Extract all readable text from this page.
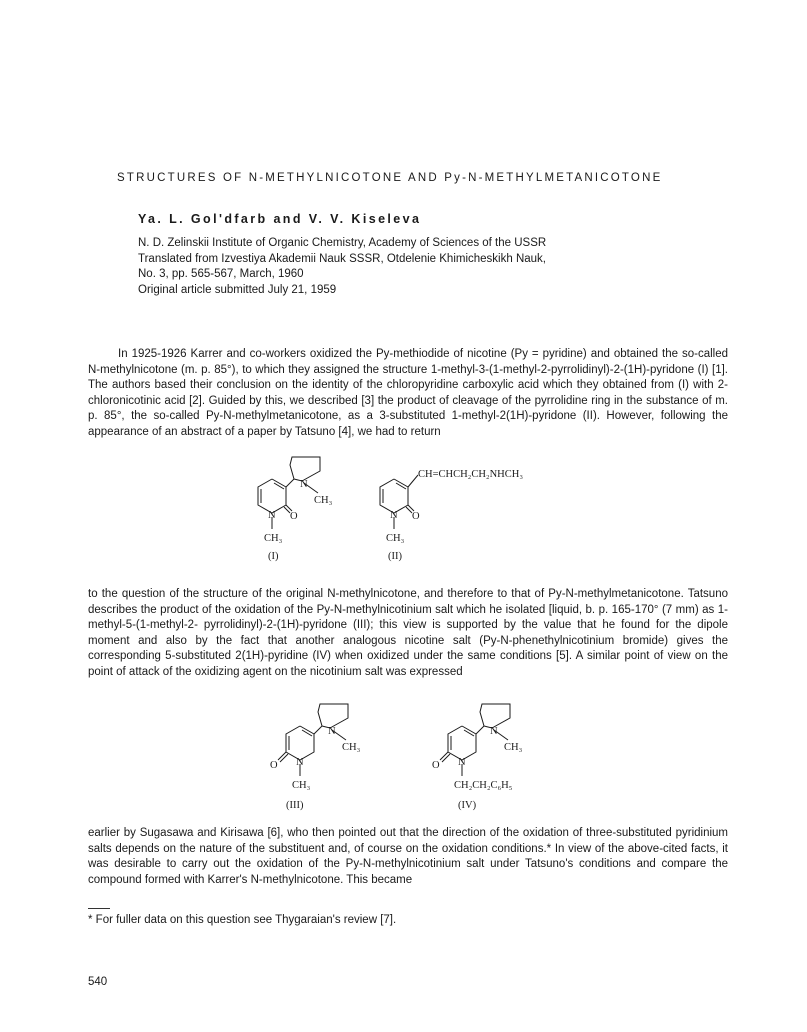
STRUCTURES OF N-METHYLNICOTONE AND Py-N-METHYLMETANICOTONE
Ya. L. Gol'dfarb and V. V. Kiseleva
N. D. Zelinskii Institute of Organic Chemistry, Academy of Sciences of the USSR
Translated from Izvestiya Akademii Nauk SSSR, Otdelenie Khimicheskikh Nauk,
No. 3, pp. 565-567, March, 1960
Original article submitted July 21, 1959
In 1925-1926 Karrer and co-workers oxidized the Py-methiodide of nicotine (Py = pyridine) and obtained the so-called N-methylnicotone (m. p. 85°), to which they assigned the structure 1-methyl-3-(1-methyl-2-pyrrolidinyl)-2-(1H)-pyridone (I) [1]. The authors based their conclusion on the identity of the chloropyridine carboxylic acid which they obtained from (I) with 2-chloronicotinic acid [2]. Guided by this, we described [3] the product of cleavage of the pyrrolidine ring in the substance of m. p. 85°, the so-called Py-N-methylmetanicotone, as a 3-substituted 1-methyl-2(1H)-pyridone (II). However, following the appearance of an abstract of a paper by Tatsuno [4], we had to return
N
CH₃
N O
CH₃
(I)
CH=CHCH₂CH₂NHCH₃
N O
CH₃
(II)
to the question of the structure of the original N-methylnicotone, and therefore to that of Py-N-methylmetanicotone. Tatsuno describes the product of the oxidation of the Py-N-methylnicotinium salt which he isolated [liquid, b. p. 165-170° (7 mm) as 1-methyl-5-(1-methyl-2- pyrrolidinyl)-2-(1H)-pyridone (III); this view is supported by the value that he found for the dipole moment and also by the fact that another analogous nicotine salt (Py-N-phenethylnicotinium bromide) gives the corresponding 5-substituted 2(1H)-pyridine (IV) when oxidized under the same conditions [5]. A similar point of view on the point of attack of the oxidizing agent on the nicotinium salt was expressed
N
CH₃
O N
CH₃
(III)
N
CH₃
O N
CH₂CH₂C₆H₅
(IV)
earlier by Sugasawa and Kirisawa [6], who then pointed out that the direction of the oxidation of three-substituted pyridinium salts depends on the nature of the substituent and, of course on the oxidation conditions.* In view of the above-cited facts, it was desirable to carry out the oxidation of the Py-N-methylnicotinium salt under Tatsuno's conditions and compare the compound formed with Karrer's N-methylnicotone. This became
* For fuller data on this question see Thygaraian's review [7].
540
